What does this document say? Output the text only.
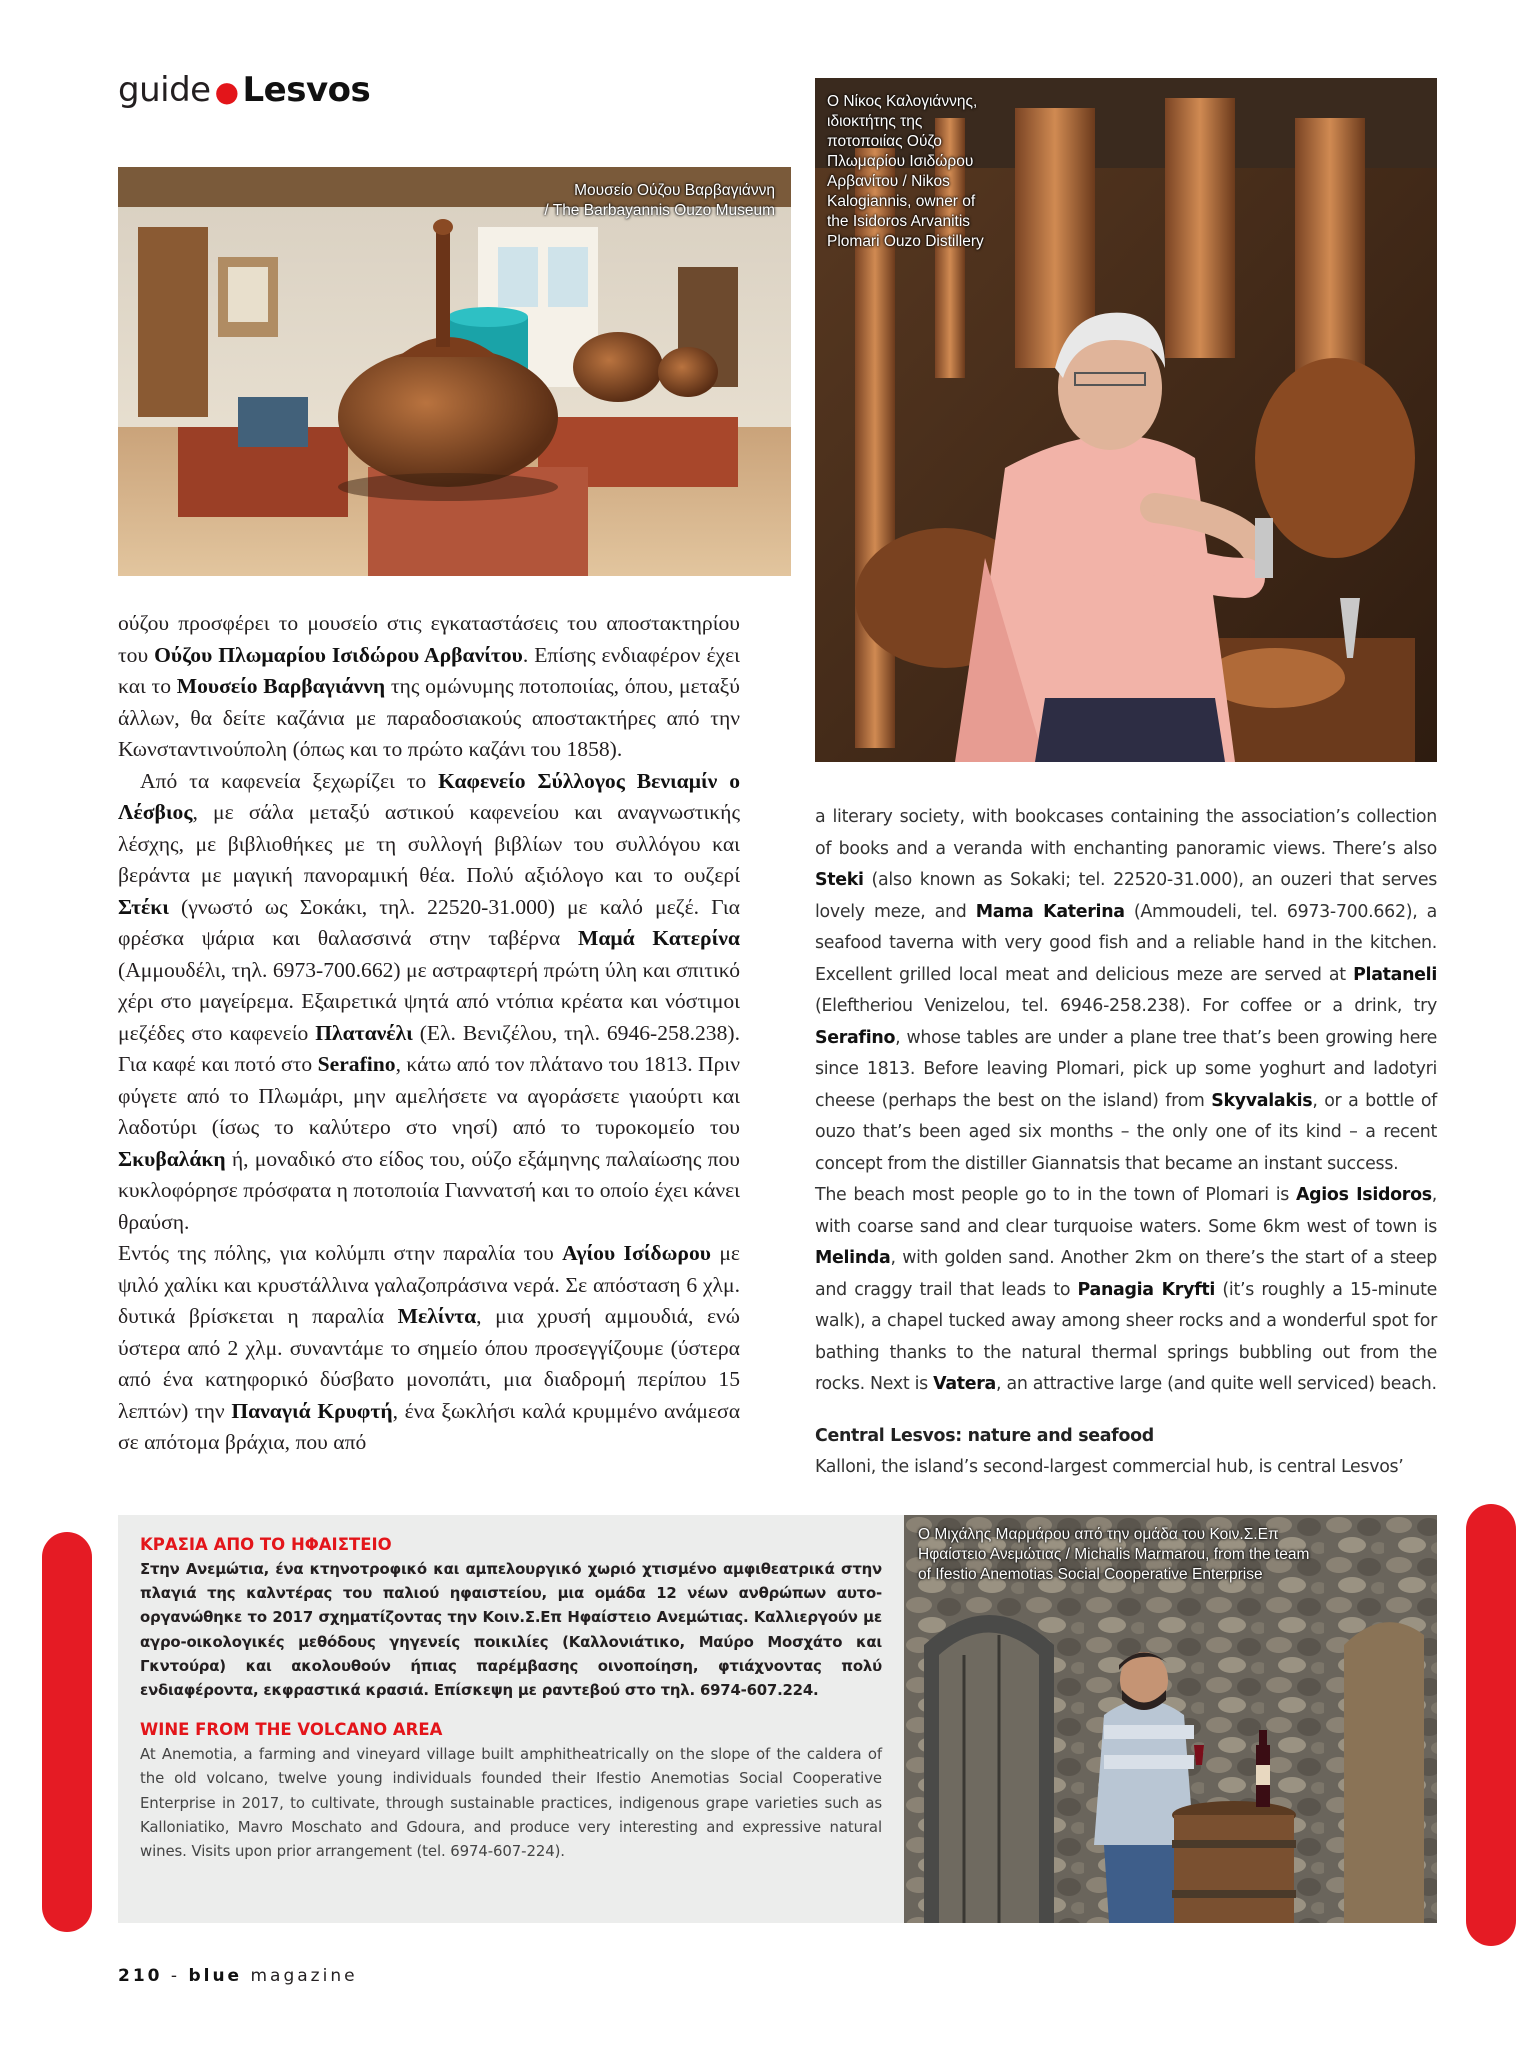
guide ● Lesvos
Μουσείο Ούζου Βαρβαγιάννη
/ The Barbayannis Ouzo Museum
Ο Νίκος Καλογιάννης,
ιδιοκτήτης της
ποτοποιίας Ούζο
Πλωμαρίου Ισιδώρου
Αρβανίτου / Nikos
Kalogiannis, owner of
the Isidoros Arvanitis
Plomari Ouzo Distillery

ούζου προσφέρει το μουσείο στις εγκαταστάσεις του αποστακτηρίου του Ούζου Πλωμαρίου Ισιδώρου Αρβανίτου. Επίσης ενδιαφέρον έχει και το Μουσείο Βαρβαγιάννη της ομώνυμης ποτοποιίας, όπου, μεταξύ άλλων, θα δείτε καζάνια με παραδοσιακούς αποστακτήρες από την Κωνσταντινούπολη (όπως και το πρώτο καζάνι του 1858).

Από τα καφενεία ξεχωρίζει το Καφενείο Σύλλογος Βενιαμίν ο Λέσβιος, με σάλα μεταξύ αστικού καφενείου και αναγνωστικής λέσχης, με βιβλιοθήκες με τη συλλογή βιβλίων του συλλόγου και βεράντα με μαγική πανοραμική θέα. Πολύ αξιόλογο και το ουζερί Στέκι (γνωστό ως Σοκάκι, τηλ. 22520-31.000) με καλό μεζέ. Για φρέσκα ψάρια και θαλασσινά στην ταβέρνα Μαμά Κατερίνα (Αμμουδέλι, τηλ. 6973-700.662) με αστραφτερή πρώτη ύλη και σπιτικό χέρι στο μαγείρεμα. Εξαιρετικά ψητά από ντόπια κρέατα και νόστιμοι μεζέδες στο καφενείο Πλατανέλι (Ελ. Βενιζέλου, τηλ. 6946-258.238). Για καφέ και ποτό στο Serafino, κάτω από τον πλάτανο του 1813. Πριν φύγετε από το Πλωμάρι, μην αμελήσετε να αγοράσετε γιαούρτι και λαδοτύρι (ίσως το καλύτερο στο νησί) από το τυροκομείο του Σκυβαλάκη ή, μοναδικό στο είδος του, ούζο εξάμηνης παλαίωσης που κυκλοφόρησε πρόσφατα η ποτοποιία Γιαννατσή και το οποίο έχει κάνει θραύση.

Εντός της πόλης, για κολύμπι στην παραλία του Αγίου Ισίδωρου με ψιλό χαλίκι και κρυστάλλινα γαλαζοπράσινα νερά. Σε απόσταση 6 χλμ. δυτικά βρίσκεται η παραλία Μελίντα, μια χρυσή αμμουδιά, ενώ ύστερα από 2 χλμ. συναντάμε το σημείο όπου προσεγγίζουμε (ύστερα από ένα κατηφορικό δύσβατο μονοπάτι, μια διαδρομή περίπου 15 λεπτών) την Παναγιά Κρυφτή, ένα ξωκλήσι καλά κρυμμένο ανάμεσα σε απότομα βράχια, που από

a literary society, with bookcases containing the association’s collection of books and a veranda with enchanting panoramic views. There’s also Steki (also known as Sokaki; tel. 22520-31.000), an ouzeri that serves lovely meze, and Mama Katerina (Ammoudeli, tel. 6973-700.662), a seafood taverna with very good fish and a reliable hand in the kitchen. Excellent grilled local meat and delicious meze are served at Plataneli (Eleftheriou Venizelou, tel. 6946-258.238). For coffee or a drink, try Serafino, whose tables are under a plane tree that’s been growing here since 1813. Before leaving Plomari, pick up some yoghurt and ladotyri cheese (perhaps the best on the island) from Skyvalakis, or a bottle of ouzo that’s been aged six months – the only one of its kind – a recent concept from the distiller Giannatsis that became an instant success.

The beach most people go to in the town of Plomari is Agios Isidoros, with coarse sand and clear turquoise waters. Some 6km west of town is Melinda, with golden sand. Another 2km on there’s the start of a steep and craggy trail that leads to Panagia Kryfti (it’s roughly a 15-minute walk), a chapel tucked away among sheer rocks and a wonderful spot for bathing thanks to the natural thermal springs bubbling out from the rocks. Next is Vatera, an attractive large (and quite well serviced) beach.

Central Lesvos: nature and seafood

Kalloni, the island’s second-largest commercial hub, is central Lesvos’

ΚΡΑΣΙΑ ΑΠΟ ΤΟ ΗΦΑΙΣΤΕΙΟ

Στην Ανεμώτια, ένα κτηνοτροφικό και αμπελουργικό χωριό χτισμένο αμφιθεατρικά στην πλαγιά της καλντέρας του παλιού ηφαιστείου, μια ομάδα 12 νέων ανθρώπων αυτο-οργανώθηκε το 2017 σχηματίζοντας την Κοιν.Σ.Επ Ηφαίστειο Ανεμώτιας. Καλλιεργούν με αγρο-οικολογικές μεθόδους γηγενείς ποικιλίες (Καλλονιάτικο, Μαύρο Μοσχάτο και Γκντούρα) και ακολουθούν ήπιας παρέμβασης οινοποίηση, φτιάχνοντας πολύ ενδιαφέροντα, εκφραστικά κρασιά. Επίσκεψη με ραντεβού στο τηλ. 6974-607.224.

WINE FROM THE VOLCANO AREA

At Anemotia, a farming and vineyard village built amphitheatrically on the slope of the caldera of the old volcano, twelve young individuals founded their Ifestio Anemotias Social Cooperative Enterprise in 2017, to cultivate, through sustainable practices, indigenous grape varieties such as Kalloniatiko, Mavro Moschato and Gdoura, and produce very interesting and expressive natural wines. Visits upon prior arrangement (tel. 6974-607-224).

Ο Μιχάλης Μαρμάρου από την ομάδα του Κοιν.Σ.Επ
Ηφαίστειο Ανεμώτιας / Michalis Marmarou, from the team
of Ifestio Anemotias Social Cooperative Enterprise
210 - blue magazine
